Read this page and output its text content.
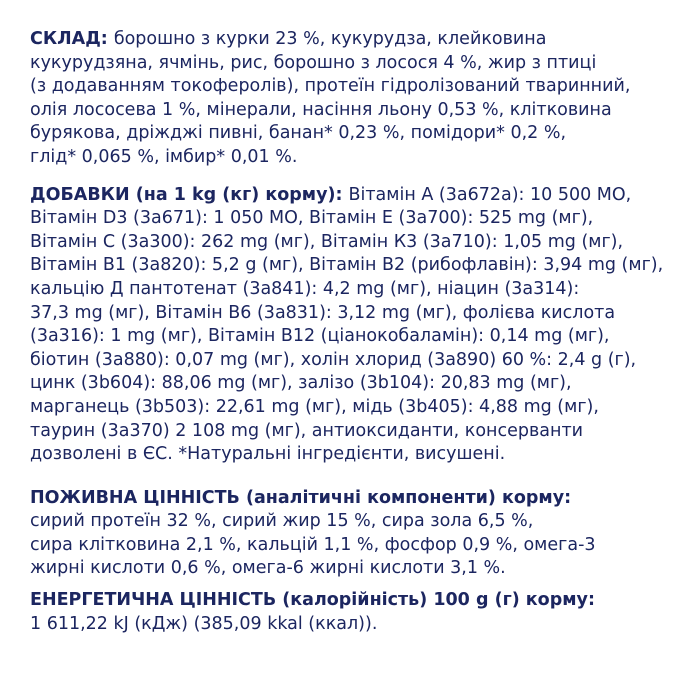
СКЛАД: борошно з курки 23 %, кукурудза, клейковина
кукурудзяна, ячмінь, рис, борошно з лосося 4 %, жир з птиці
(з додаванням токоферолів), протеїн гідролізований тваринний,
олія лососева 1 %, мінерали, насіння льону 0,53 %, клітковина
бурякова, дріжджі пивні, банан* 0,23 %, помідори* 0,2 %,
глід* 0,065 %, імбир* 0,01 %.
ДОБАВКИ (на 1 kg (кг) корму): Вітамін А (3а672а): 10 500 МО,
Вітамін D3 (3а671): 1 050 МО, Вітамін Е (3а700): 525 mg (мг),
Вітамін С (3а300): 262 mg (мг), Вітамін К3 (3а710): 1,05 mg (мг),
Вітамін В1 (3а820): 5,2 g (мг), Вітамін В2 (рибофлавін): 3,94 mg (мг),
кальцію Д пантотенат (3а841): 4,2 mg (мг), ніацин (3а314):
37,3 mg (мг), Вітамін В6 (3а831): 3,12 mg (мг), фолієва кислота
(3а316): 1 mg (мг), Вітамін В12 (ціанокобаламін): 0,14 mg (мг),
біотин (3а880): 0,07 mg (мг), холін хлорид (3а890) 60 %: 2,4 g (г),
цинк (3b604): 88,06 mg (мг), залізо (3b104): 20,83 mg (мг),
марганець (3b503): 22,61 mg (мг), мідь (3b405): 4,88 mg (мг),
таурин (3а370) 2 108 mg (мг), антиоксиданти, консерванти
дозволені в ЄС. *Натуральні інгредієнти, висушені.
ПОЖИВНА ЦІННІСТЬ (аналітичні компоненти) корму:
сирий протеїн 32 %, сирий жир 15 %, сира зола 6,5 %,
сира клітковина 2,1 %, кальцій 1,1 %, фосфор 0,9 %, омега-3
жирні кислоти 0,6 %, омега-6 жирні кислоти 3,1 %.
ЕНЕРГЕТИЧНА ЦІННІСТЬ (калорійність) 100 g (г) корму:
1 611,22 kJ (кДж) (385,09 kkal (ккал)).
